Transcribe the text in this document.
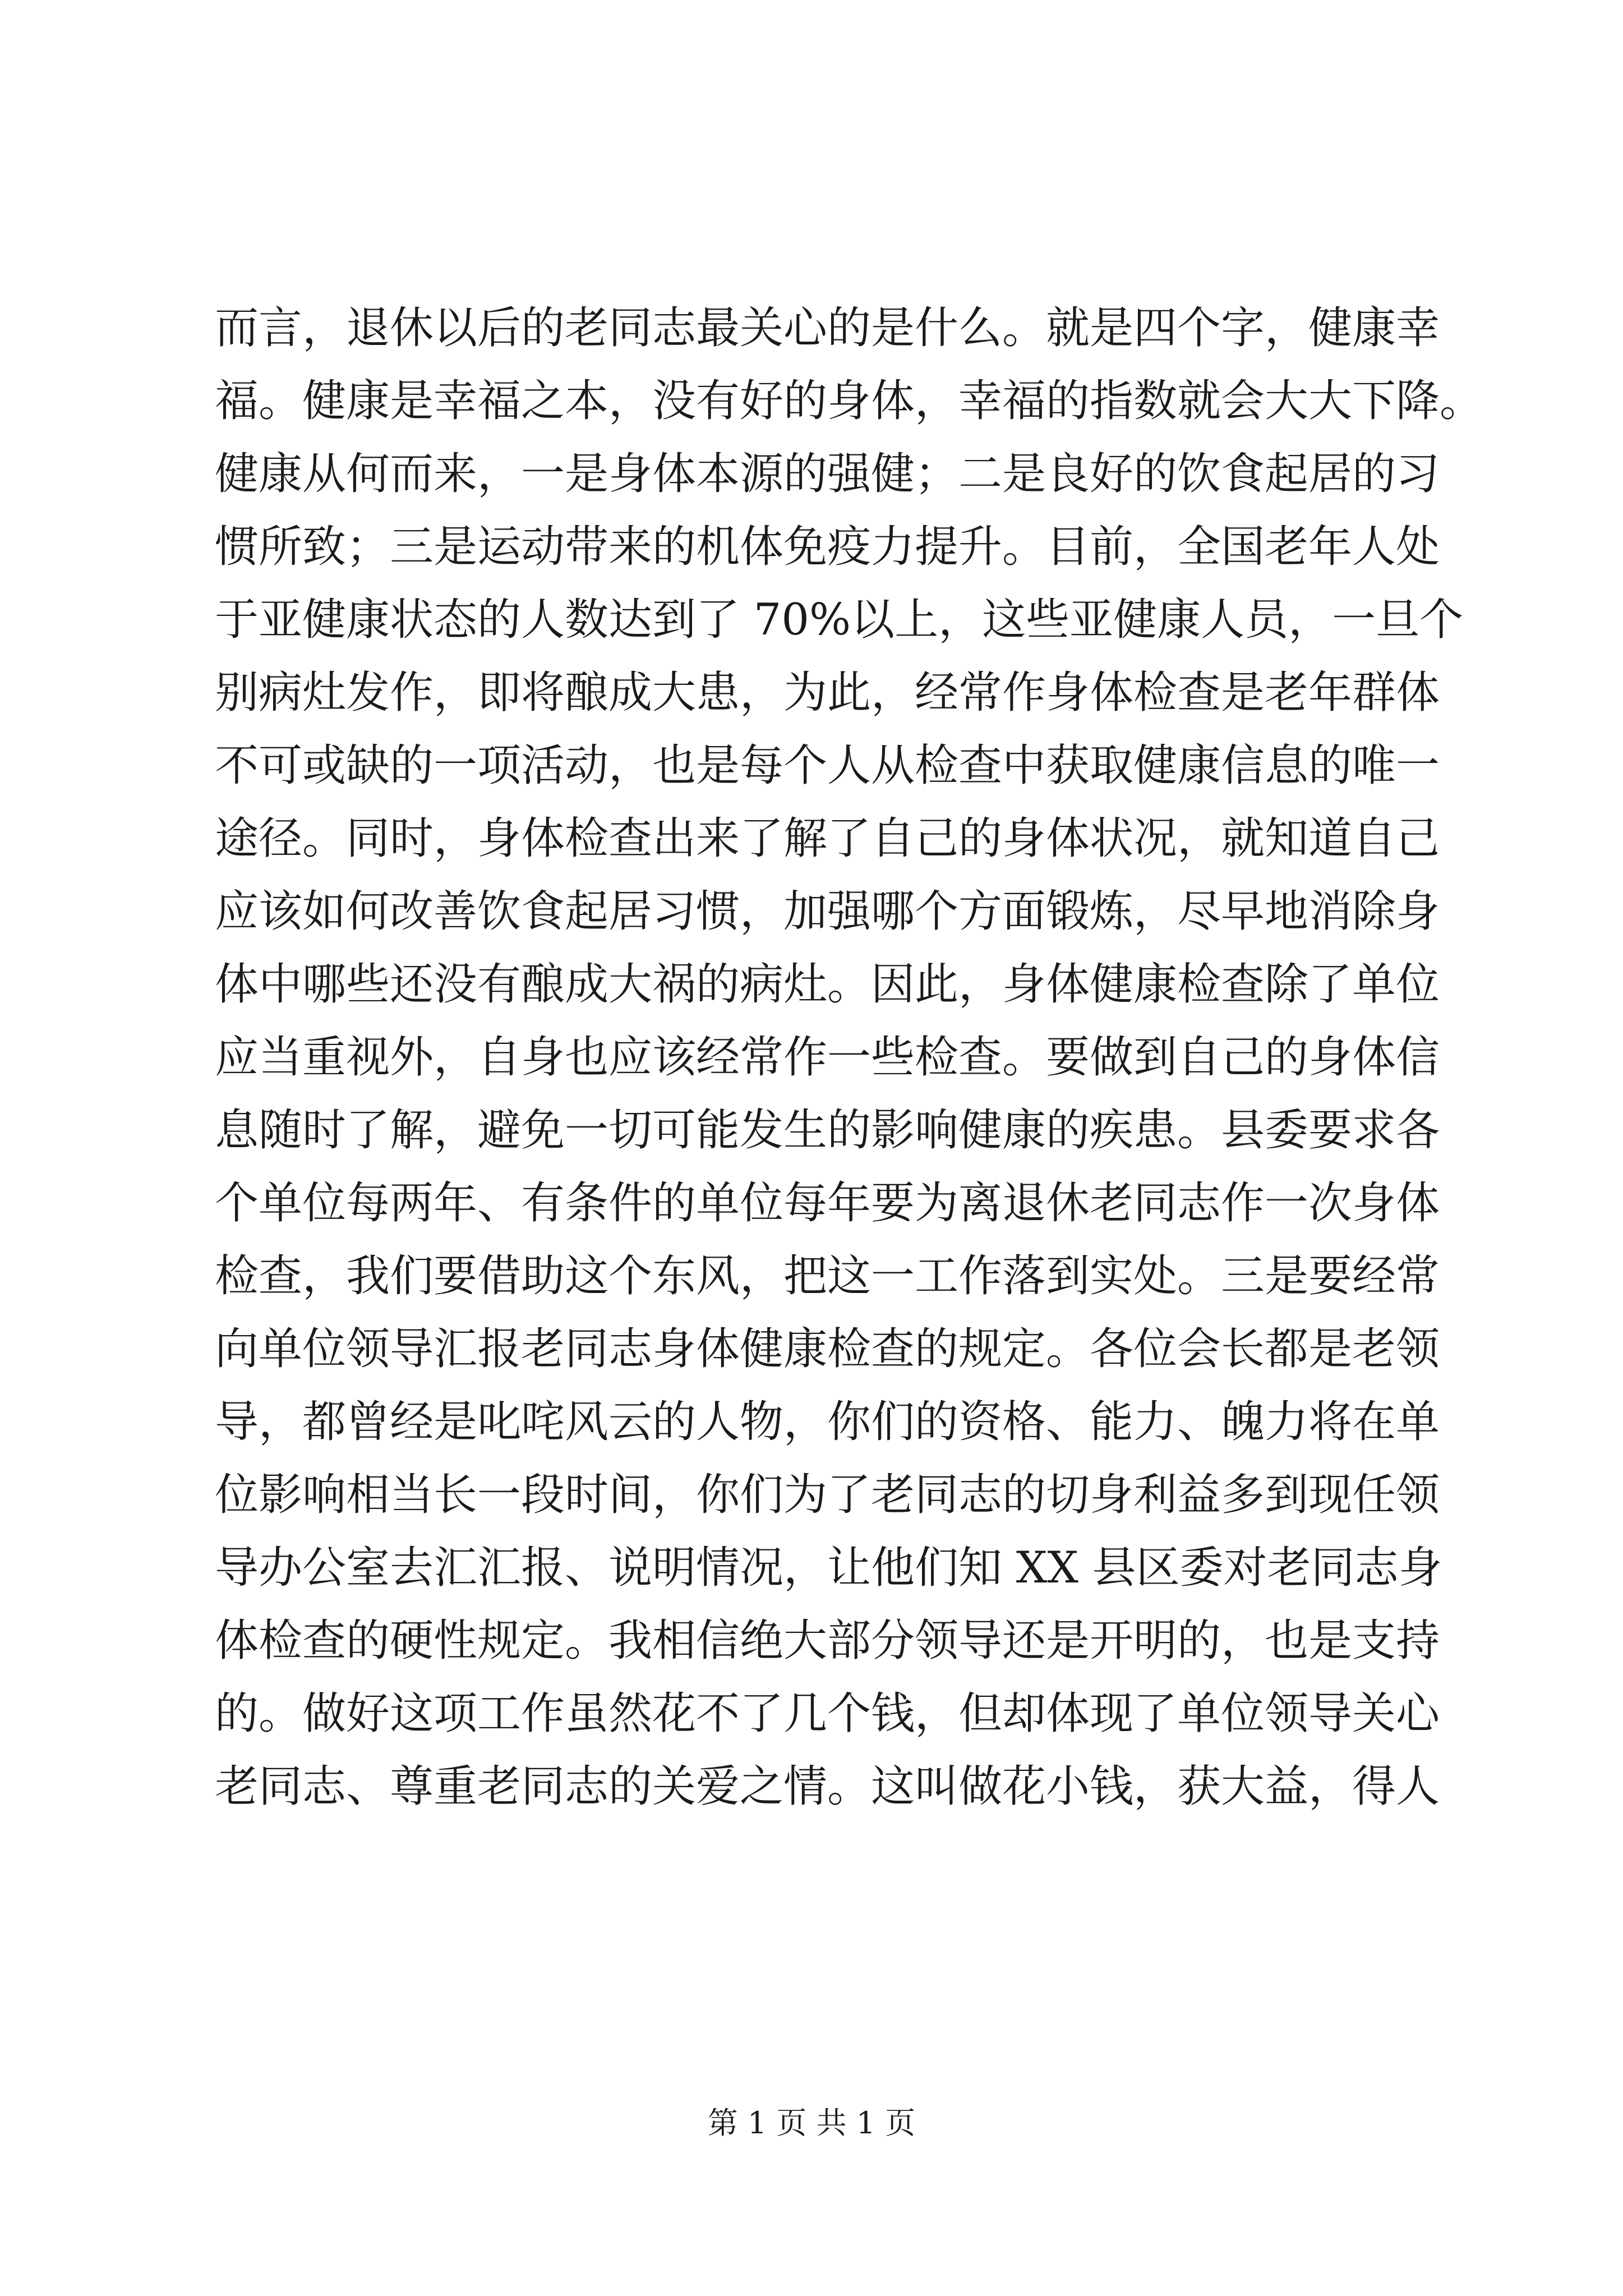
而言，退休以后的老同志最关心的是什么。就是四个字，健康幸
福。健康是幸福之本，没有好的身体，幸福的指数就会大大下降。
健康从何而来，一是身体本源的强健；二是良好的饮食起居的习
惯所致；三是运动带来的机体免疫力提升。目前，全国老年人处
于亚健康状态的人数达到了 70%以上，这些亚健康人员，一旦个
别病灶发作，即将酿成大患，为此，经常作身体检查是老年群体
不可或缺的一项活动，也是每个人从检查中获取健康信息的唯一
途径。同时，身体检查出来了解了自己的身体状况，就知道自己
应该如何改善饮食起居习惯，加强哪个方面锻炼，尽早地消除身
体中哪些还没有酿成大祸的病灶。因此，身体健康检查除了单位
应当重视外，自身也应该经常作一些检查。要做到自己的身体信
息随时了解，避免一切可能发生的影响健康的疾患。县委要求各
个单位每两年、有条件的单位每年要为离退休老同志作一次身体
检查，我们要借助这个东风，把这一工作落到实处。三是要经常
向单位领导汇报老同志身体健康检查的规定。各位会长都是老领
导，都曾经是叱咤风云的人物，你们的资格、能力、魄力将在单
位影响相当长一段时间，你们为了老同志的切身利益多到现任领
导办公室去汇汇报、说明情况，让他们知 XX 县区委对老同志身
体检查的硬性规定。我相信绝大部分领导还是开明的，也是支持
的。做好这项工作虽然花不了几个钱，但却体现了单位领导关心
老同志、尊重老同志的关爱之情。这叫做花小钱，获大益，得人
第 1 页 共 1 页
